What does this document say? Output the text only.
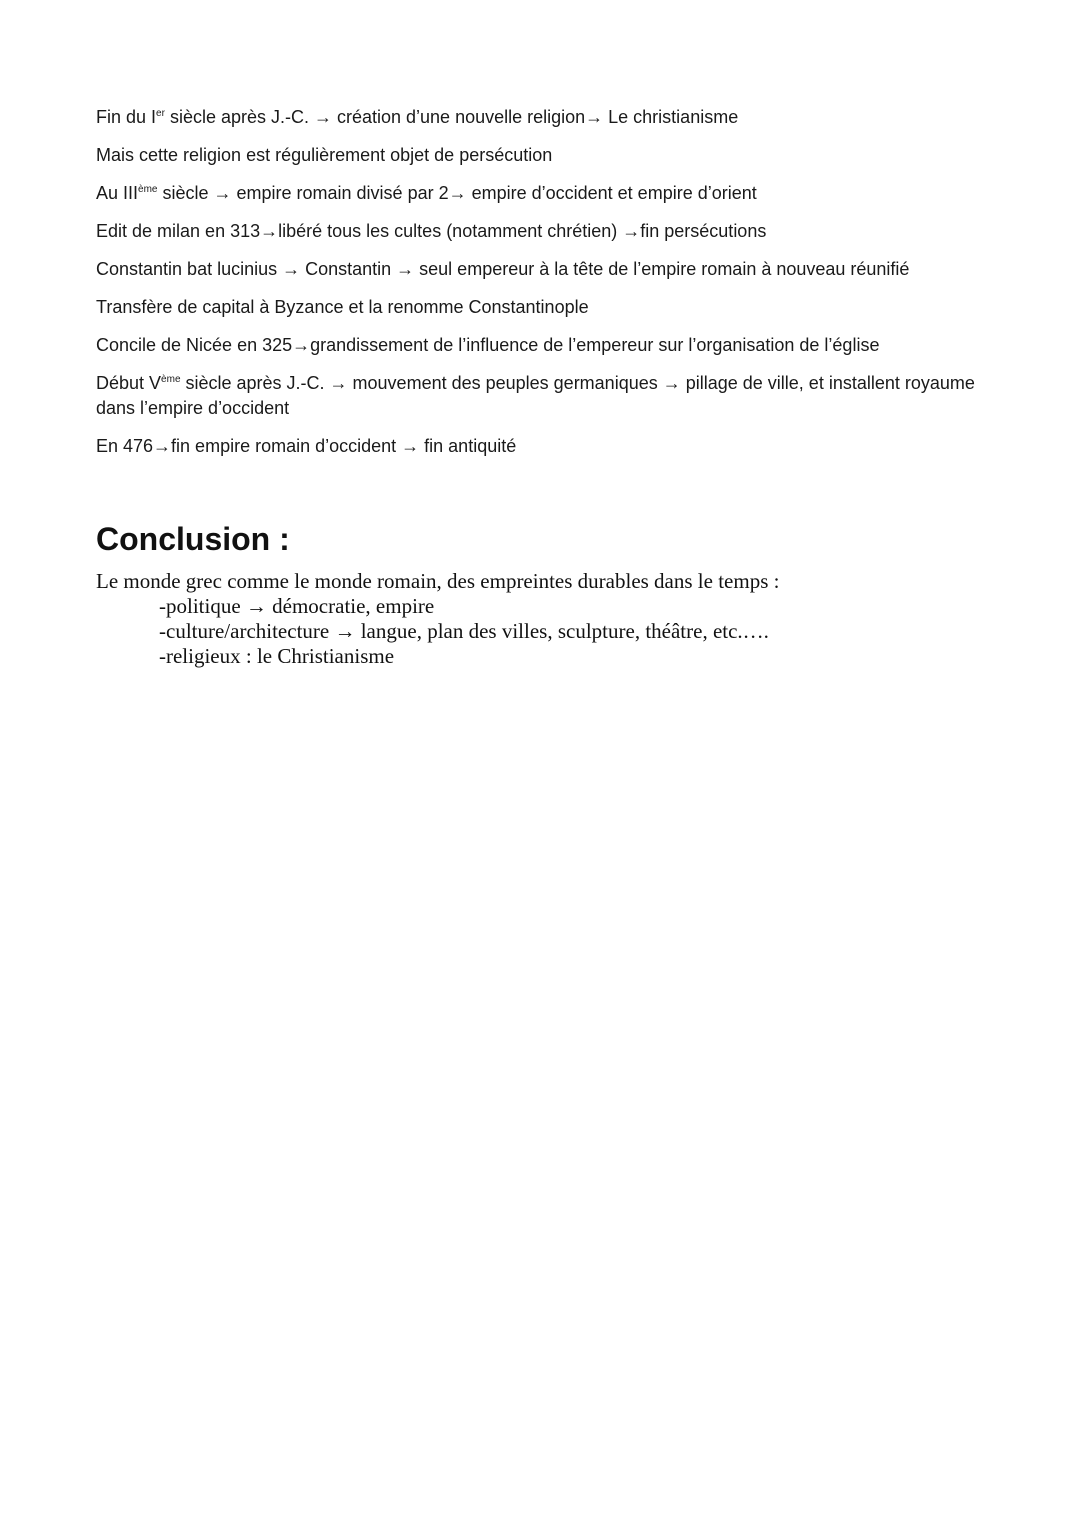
Fin du Ier siècle après J.-C. → création d’une nouvelle religion→ Le christianisme

Mais cette religion est régulièrement objet de persécution

Au IIIème siècle → empire romain divisé par 2→ empire d’occident et empire d’orient

Edit de milan en 313→libéré tous les cultes (notamment chrétien) →fin persécutions

Constantin bat lucinius → Constantin → seul empereur à la tête de l’empire romain à nouveau réunifié

Transfère de capital à Byzance et la renomme Constantinople

Concile de Nicée en 325→grandissement de l’influence de l’empereur sur l’organisation de l’église

Début Vème siècle après J.-C. → mouvement des peuples germaniques → pillage de ville, et installent royaume dans l’empire d’occident

En 476→fin empire romain d’occident → fin antiquité

Conclusion :

Le monde grec comme le monde romain, des empreintes durables dans le temps :

-politique → démocratie, empire

-culture/architecture → langue, plan des villes, sculpture, théâtre, etc.….

-religieux : le Christianisme
